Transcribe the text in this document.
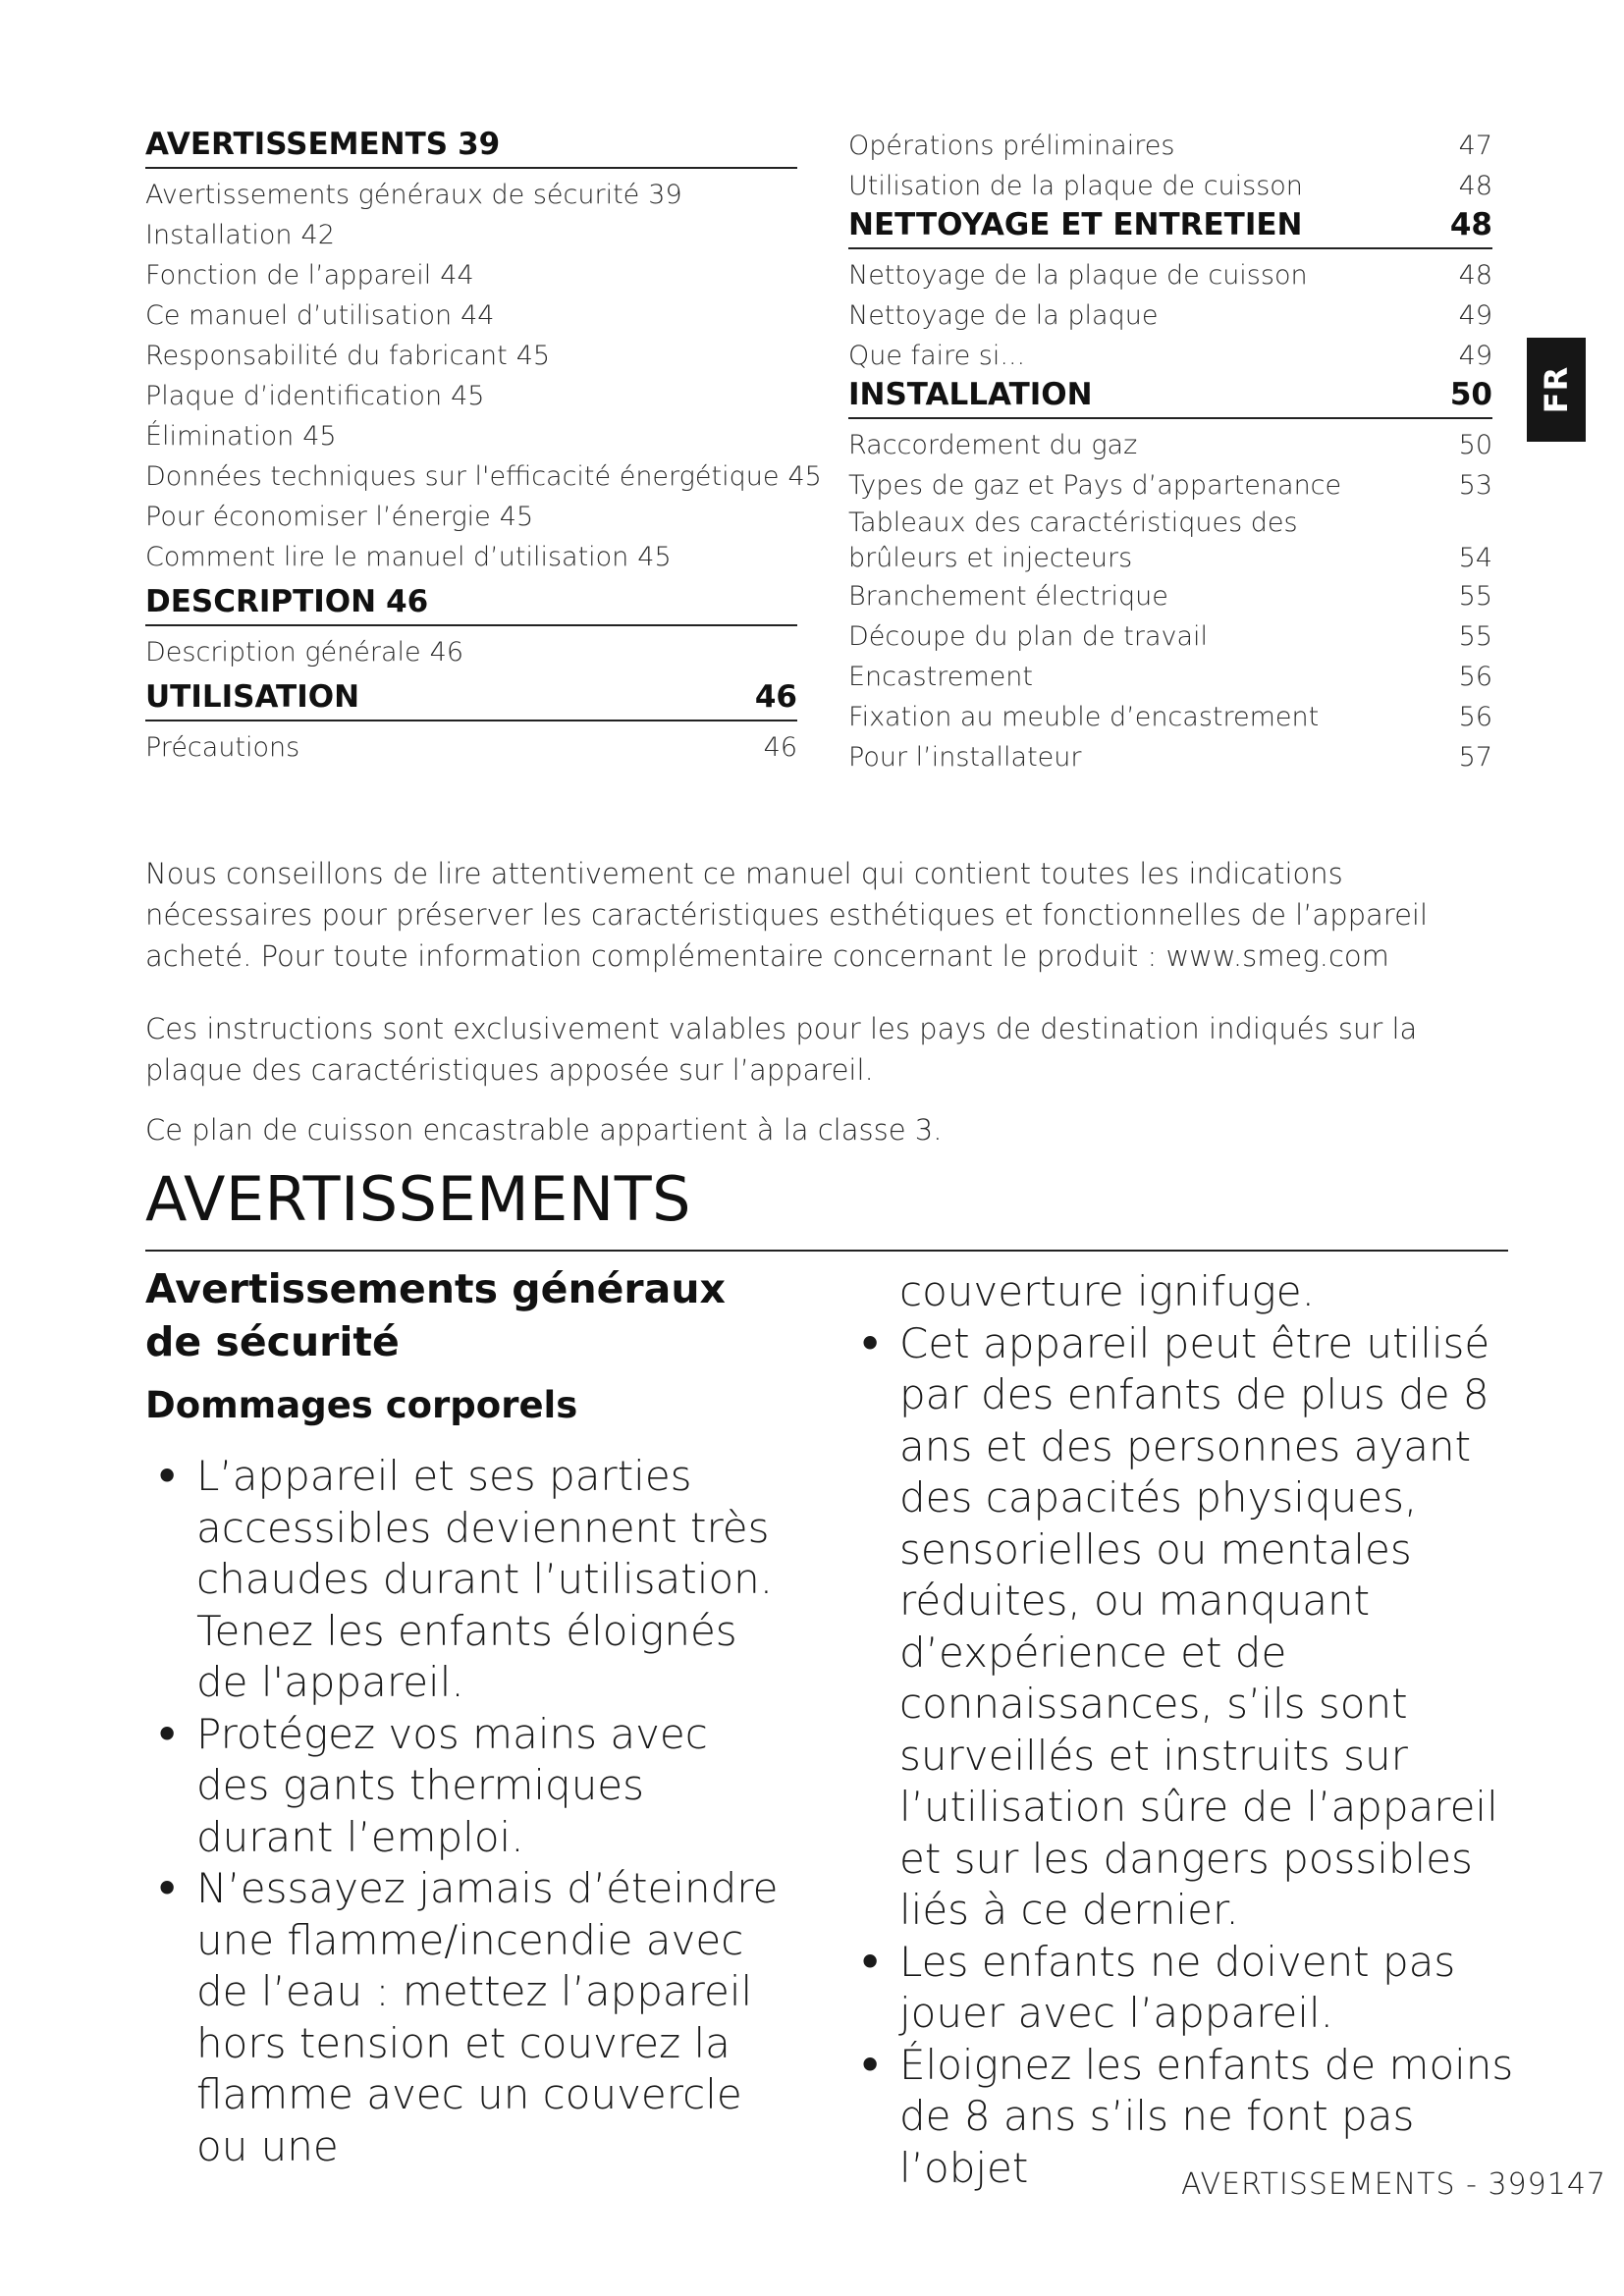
AVERTISSEMENTS 39
Avertissements généraux de sécurité 39
Installation 42
Fonction de l’appareil 44
Ce manuel d’utilisation 44
Responsabilité du fabricant 45
Plaque d’identification 45
Élimination 45
Données techniques sur l'efficacité énergétique 45
Pour économiser l’énergie 45
Comment lire le manuel d’utilisation 45
DESCRIPTION 46
Description générale 46
UTILISATION	46
Précautions	46
Opérations préliminaires	47
Utilisation de la plaque de cuisson	48
NETTOYAGE ET ENTRETIEN	48
Nettoyage de la plaque de cuisson	48
Nettoyage de la plaque	49
Que faire si...	49
INSTALLATION	50
Raccordement du gaz	50
Types de gaz et Pays d’appartenance	53
Tableaux des caractéristiques des brûleurs et injecteurs	54
Branchement électrique	55
Découpe du plan de travail	55
Encastrement	56
Fixation au meuble d’encastrement	56
Pour l’installateur	57
FR

Nous conseillons de lire attentivement ce manuel qui contient toutes les indications nécessaires pour préserver les caractéristiques esthétiques et fonctionnelles de l’appareil acheté. Pour toute information complémentaire concernant le produit : www.smeg.com

Ces instructions sont exclusivement valables pour les pays de destination indiqués sur la plaque des caractéristiques apposée sur l’appareil.

Ce plan de cuisson encastrable appartient à la classe 3.

AVERTISSEMENTS
Avertissements généraux de sécurité
Dommages corporels
• L’appareil et ses parties accessibles deviennent très chaudes durant l’utilisation. Tenez les enfants éloignés de l'appareil.
• Protégez vos mains avec des gants thermiques durant l’emploi.
• N’essayez jamais d’éteindre une flamme/incendie avec de l’eau : mettez l’appareil hors tension et couvrez la flamme avec un couvercle ou une
couverture ignifuge.
• Cet appareil peut être utilisé par des enfants de plus de 8 ans et des personnes ayant des capacités physiques, sensorielles ou mentales réduites, ou manquant d’expérience et de connaissances, s’ils sont surveillés et instruits sur l’utilisation sûre de l’appareil et sur les dangers possibles liés à ce dernier.
• Les enfants ne doivent pas jouer avec l’appareil.
• Éloignez les enfants de moins de 8 ans s’ils ne font pas l’objet	AVERTISSEMENTS - 399147
